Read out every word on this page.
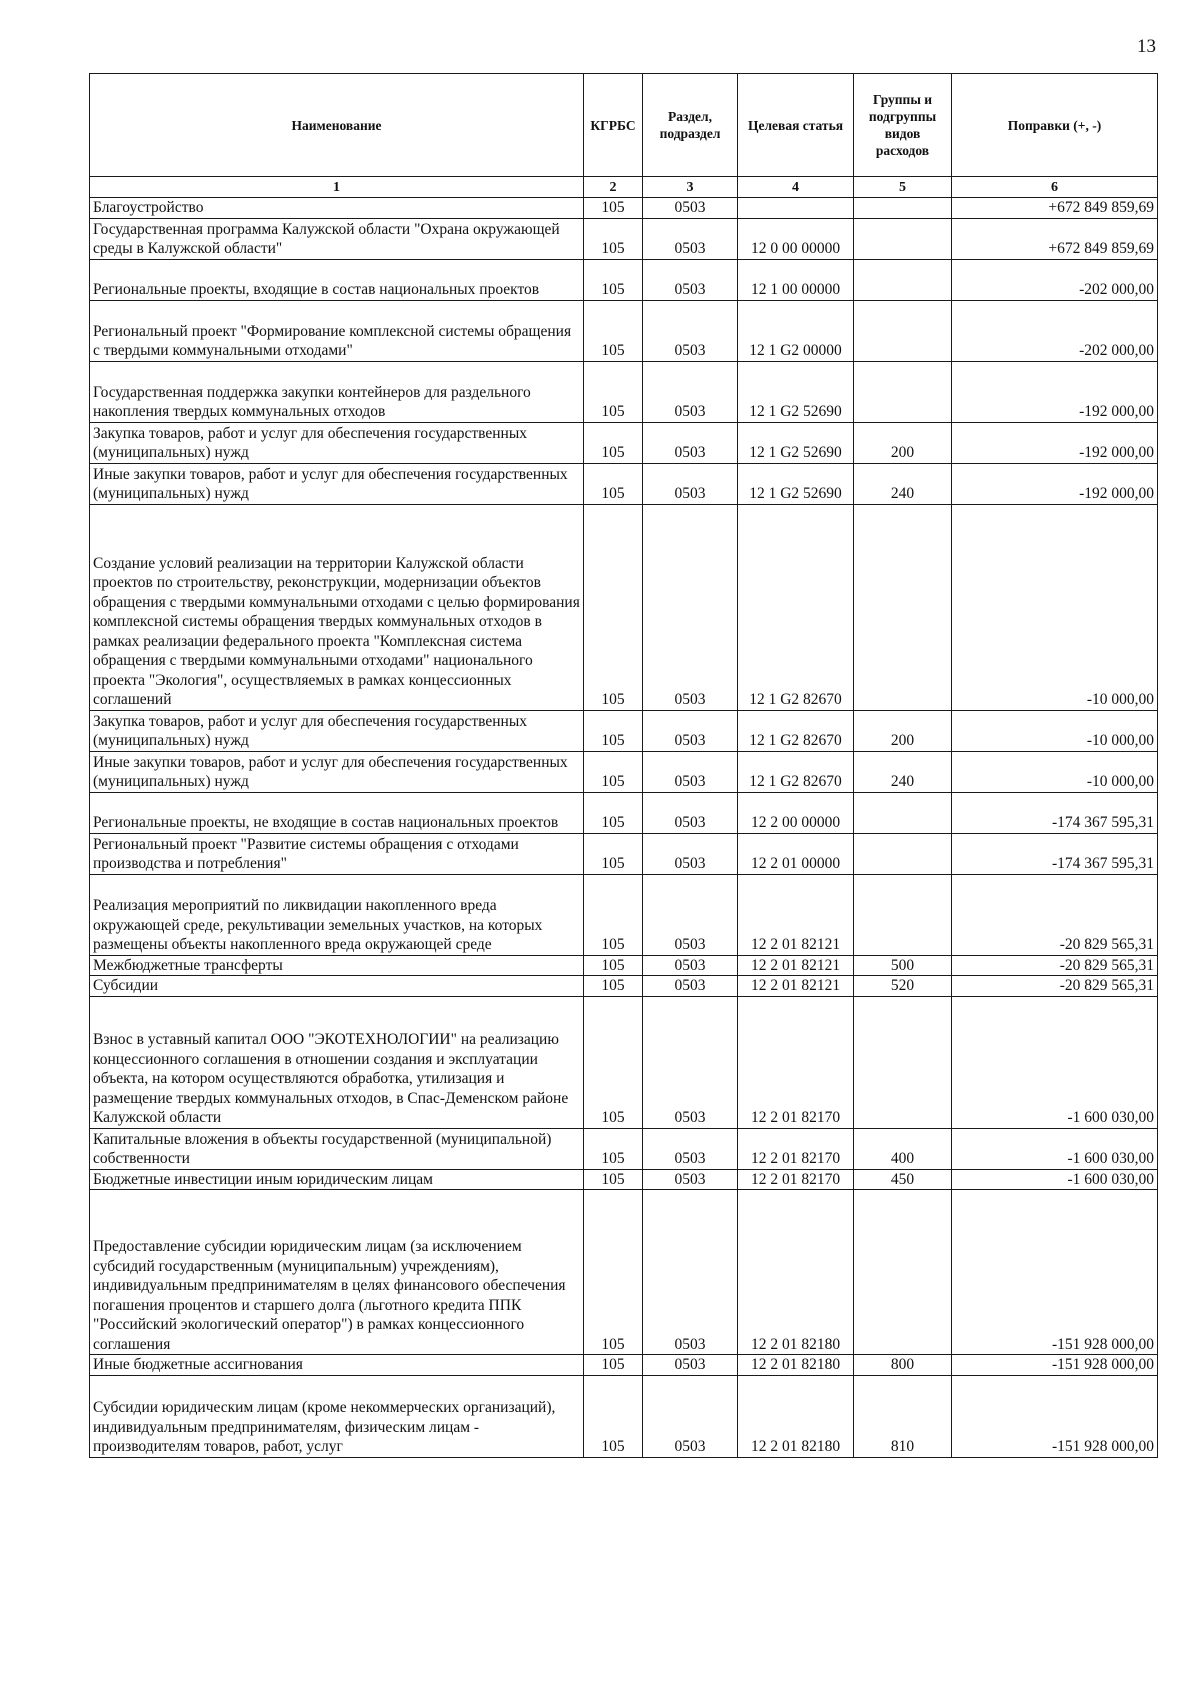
13
Наименование	КГРБС	Раздел, подраздел	Целевая статья	Группы и подгруппы видов расходов	Поправки (+, -)
1	2	3	4	5	6
Благоустройство	105	0503			+672 849 859,69
Государственная программа Калужской области "Охрана окружающей среды в Калужской области"	105	0503	12 0 00 00000		+672 849 859,69
Региональные проекты, входящие в состав национальных проектов	105	0503	12 1 00 00000		-202 000,00
Региональный проект "Формирование комплексной системы обращения с твердыми коммунальными отходами"	105	0503	12 1 G2 00000		-202 000,00
Государственная поддержка закупки контейнеров для раздельного накопления твердых коммунальных отходов	105	0503	12 1 G2 52690		-192 000,00
Закупка товаров, работ и услуг для обеспечения государственных (муниципальных) нужд	105	0503	12 1 G2 52690	200	-192 000,00
Иные закупки товаров, работ и услуг для обеспечения государственных (муниципальных) нужд	105	0503	12 1 G2 52690	240	-192 000,00
Создание условий реализации на территории Калужской области проектов по строительству, реконструкции, модернизации объектов обращения с твердыми коммунальными отходами с целью формирования комплексной системы обращения твердых коммунальных отходов в рамках реализации федерального проекта "Комплексная система обращения с твердыми коммунальными отходами" национального проекта "Экология", осуществляемых в рамках концессионных соглашений	105	0503	12 1 G2 82670		-10 000,00
Закупка товаров, работ и услуг для обеспечения государственных (муниципальных) нужд	105	0503	12 1 G2 82670	200	-10 000,00
Иные закупки товаров, работ и услуг для обеспечения государственных (муниципальных) нужд	105	0503	12 1 G2 82670	240	-10 000,00
Региональные проекты, не входящие в состав национальных проектов	105	0503	12 2 00 00000		-174 367 595,31
Региональный проект "Развитие системы обращения с отходами производства и потребления"	105	0503	12 2 01 00000		-174 367 595,31
Реализация мероприятий по ликвидации накопленного вреда окружающей среде, рекультивации земельных участков, на которых размещены объекты накопленного вреда окружающей среде	105	0503	12 2 01 82121		-20 829 565,31
Межбюджетные трансферты	105	0503	12 2 01 82121	500	-20 829 565,31
Субсидии	105	0503	12 2 01 82121	520	-20 829 565,31
Взнос в уставный капитал ООО "ЭКОТЕХНОЛОГИИ" на реализацию концессионного соглашения в отношении создания и эксплуатации объекта, на котором осуществляются обработка, утилизация и размещение твердых коммунальных отходов, в Спас-Деменском районе Калужской области	105	0503	12 2 01 82170		-1 600 030,00
Капитальные вложения в объекты государственной (муниципальной) собственности	105	0503	12 2 01 82170	400	-1 600 030,00
Бюджетные инвестиции иным юридическим лицам	105	0503	12 2 01 82170	450	-1 600 030,00
Предоставление субсидии юридическим лицам (за исключением субсидий государственным (муниципальным) учреждениям), индивидуальным предпринимателям в целях финансового обеспечения погашения процентов и старшего долга (льготного кредита ППК "Российский экологический оператор") в рамках концессионного соглашения	105	0503	12 2 01 82180		-151 928 000,00
Иные бюджетные ассигнования	105	0503	12 2 01 82180	800	-151 928 000,00
Субсидии юридическим лицам (кроме некоммерческих организаций), индивидуальным предпринимателям, физическим лицам - производителям товаров, работ, услуг	105	0503	12 2 01 82180	810	-151 928 000,00
